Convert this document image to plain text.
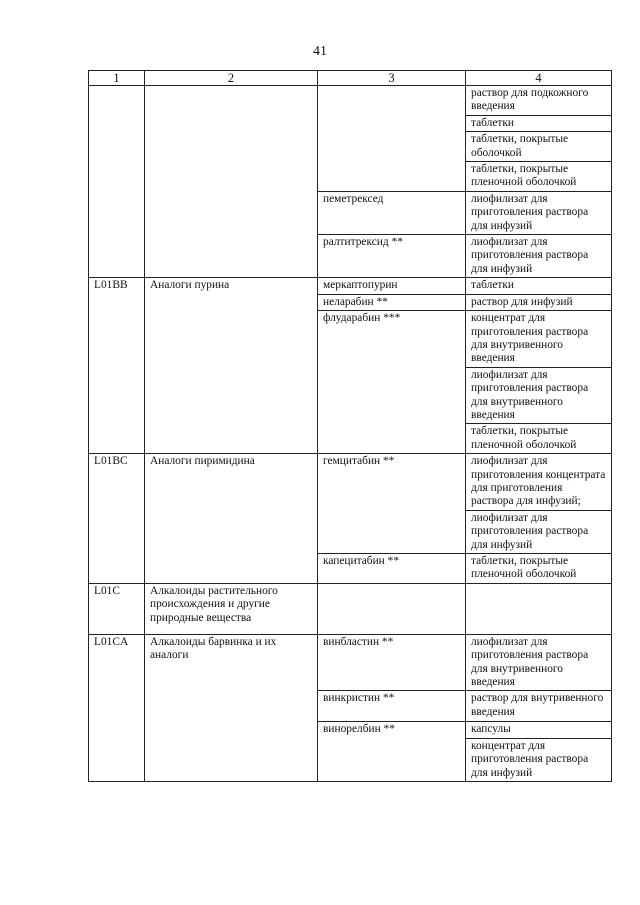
41
1	2	3	4
			раствор для подкожного введения
			таблетки
			таблетки, покрытые оболочкой
			таблетки, покрытые пленочной оболочкой
		пеметрексед	лиофилизат для приготовления раствора для инфузий
		ралтитрексид **	лиофилизат для приготовления раствора для инфузий
L01BB	Аналоги пурина	меркаптопурин	таблетки
		неларабин **	раствор для инфузий
		флударабин ***	концентрат для приготовления раствора для внутривенного введения
			лиофилизат для приготовления раствора для внутривенного введения
			таблетки, покрытые пленочной оболочкой
L01BC	Аналоги пиримидина	гемцитабин **	лиофилизат для приготовления концентрата для приготовления раствора для инфузий;
			лиофилизат для приготовления раствора для инфузий
		капецитабин **	таблетки, покрытые пленочной оболочкой
L01C	Алкалоиды растительного происхождения и другие природные вещества		
L01CA	Алкалоиды барвинка и их аналоги	винбластин **	лиофилизат для приготовления раствора для внутривенного введения
		винкристин **	раствор для внутривенного введения
		винорелбин **	капсулы
			концентрат для приготовления раствора для инфузий
